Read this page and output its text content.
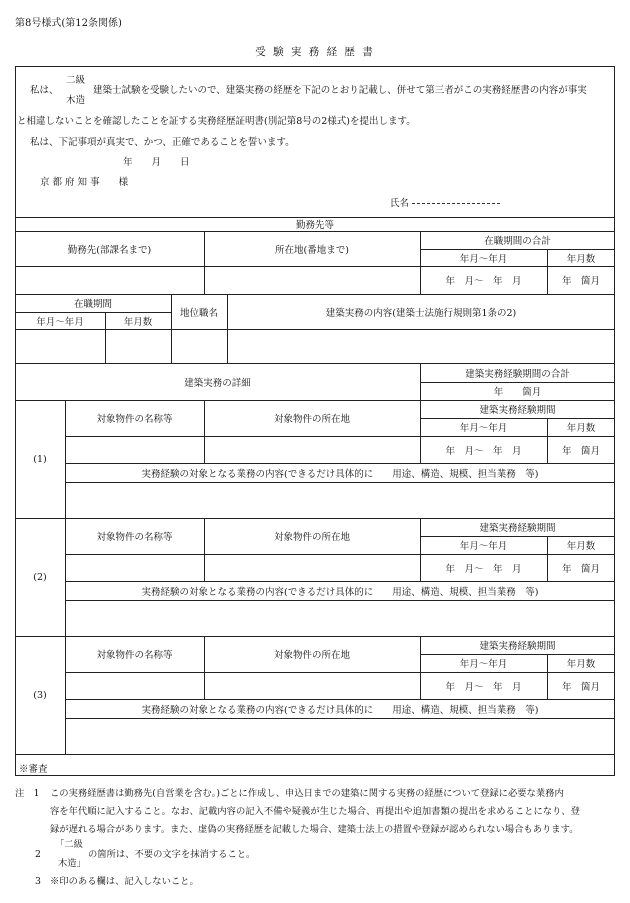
第8号様式(第12条関係)
受 験 実 務 経 歴 書
私は、
二級
木造
建築士試験を受験したいので、建築実務の経歴を下記のとおり記載し、併せて第三者がこの実務経歴書の内容が事実
と相違しないことを確認したことを証する実務経歴証明書(別記第8号の2様式)を提出します。
私は、下記事項が真実で、かつ、正確であることを誓います。
年　　月　　日
京 都 府 知 事　　様
氏名
勤務先等
勤務先(部課名まで)	所在地(番地まで)
在職期間の合計
年月～年月	年月数
年　月～　年　月	年　箇月
在職期間
年月～年月	年月数
地位職名	建築実務の内容(建築士法施行規則第1条の2)
建築実務の詳細
建築実務経験期間の合計
年　　箇月
(1)
対象物件の名称等	対象物件の所在地
建築実務経験期間
年月～年月	年月数
年　月～　年　月	年　箇月
実務経験の対象となる業務の内容(できるだけ具体的に　　用途、構造、規模、担当業務　等)
(2)
対象物件の名称等	対象物件の所在地
建築実務経験期間
年月～年月	年月数
年　月～　年　月	年　箇月
実務経験の対象となる業務の内容(できるだけ具体的に　　用途、構造、規模、担当業務　等)
(3)
対象物件の名称等	対象物件の所在地
建築実務経験期間
年月～年月	年月数
年　月～　年　月	年　箇月
実務経験の対象となる業務の内容(できるだけ具体的に　　用途、構造、規模、担当業務　等)
※審査
注　1 この実務経歴書は勤務先(自営業を含む。)ごとに作成し、申込日までの建築に関する実務の経歴について登録に必要な業務内
容を年代順に記入すること。なお、記載内容の記入不備や疑義が生じた場合、再提出や追加書類の提出を求めることになり、登
録が遅れる場合があります。また、虚偽の実務経歴を記載した場合、建築士法上の措置や登録が認められない場合もあります。
2
「二級
木造」
の箇所は、不要の文字を抹消すること。
3 ※印のある欄は、記入しないこと。
